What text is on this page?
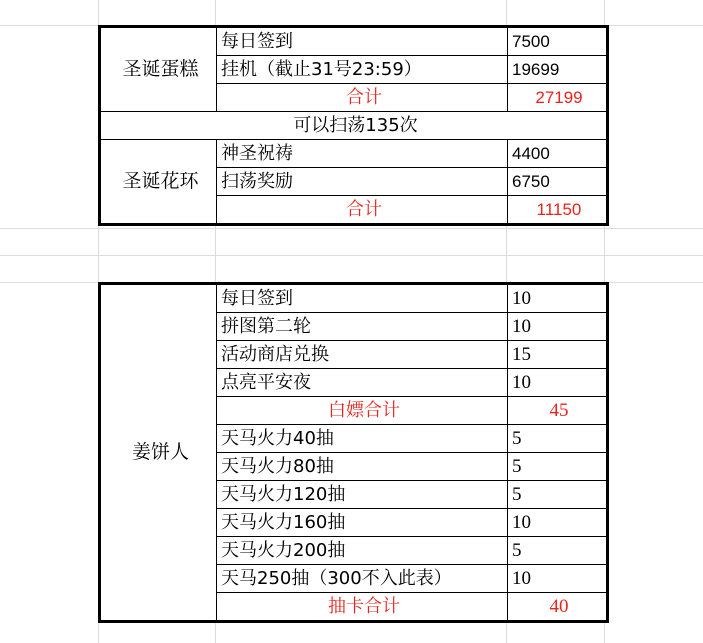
圣诞蛋糕	每日签到	7500
	挂机（截止31号23:59）	19699
	合计	27199
可以扫荡135次		
圣诞花环	神圣祝祷	4400
	扫荡奖励	6750
	合计	11150
姜饼人	每日签到	10
	拼图第二轮	10
	活动商店兑换	15
	点亮平安夜	10
	白嫖合计	45
	天马火力40抽	5
	天马火力80抽	5
	天马火力120抽	5
	天马火力160抽	10
	天马火力200抽	5
	天马250抽（300不入此表）	10
	抽卡合计	40
